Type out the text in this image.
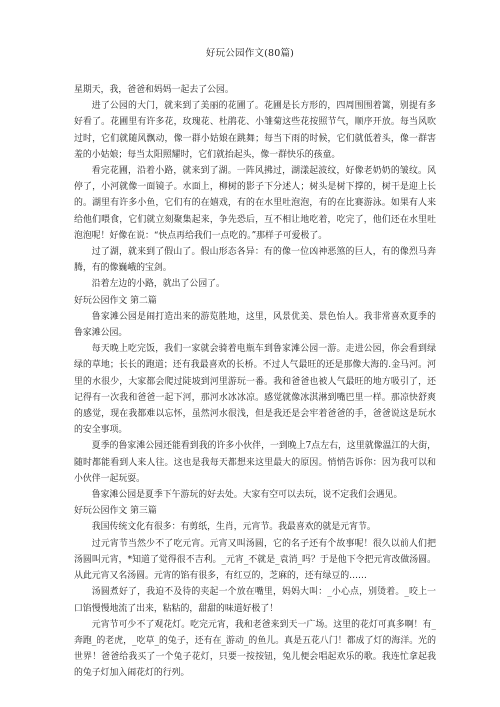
好玩公园作文(80篇)

星期天，我，爸爸和妈妈一起去了公园。

进了公园的大门，就来到了美丽的花圃了。花圃是长方形的，四周围围着篱，别提有多好看了。花圃里有许多花，玫瑰花、杜鹃花、小雏菊这些花按照节气，顺序开放。每当风吹过时，它们就随风飘动，像一群小姑娘在跳舞；每当下雨的时候，它们就低着头，像一群害羞的小姑娘；每当太阳照耀时，它们就抬起头，像一群快乐的孩童。

看完花圃，沿着小路，就来到了湖。一阵风拂过，湖漾起波纹，好像老奶奶的皱纹。风停了，小河就像一面镜子。水面上，柳树的影子下分述人；树头是树下撑的，树干是迎上长的。湖里有许多小鱼，它们有的在嬉戏，有的在水里吐泡泡，有的在比赛游泳。如果有人来给他们喂食，它们就立刻聚集起来，争先恐后，互不相让地吃着，吃完了，他们还在水里吐泡泡呢！好像在说：“快点再给我们一点吃的。”那样子可爱极了。

过了湖，就来到了假山了。假山形态各异：有的像一位凶神恶煞的巨人，有的像烈马奔腾，有的像巍峨的宝剑。

沿着左边的小路，就出了公园了。

好玩公园作文 第二篇

鲁家滩公园是闹打造出来的游览胜地，这里，风景优美、景色怡人。我非常喜欢夏季的鲁家滩公园。

每天晚上吃完饭，我们一家就会骑着电瓶车到鲁家滩公园一游。走进公园，你会看到绿绿的草地；长长的跑道；还有我最喜欢的长桥。不过人气最旺的还是那像大海的.金马河。河里的水很少，大家都会爬过陡坡到河里游玩一番。我和爸爸也被人气最旺的地方吸引了，还记得有一次我和爸爸一起下河，那河水冰冰凉。感觉就像冰淇淋到嘴巴里一样。那凉快舒爽的感觉，现在我都难以忘怀，虽然河水很浅，但是我还是会牢着爸爸的手，爸爸说这是玩水的安全事项。

夏季的鲁家滩公园还能看到我的许多小伙伴，一到晚上7点左右，这里就像温江的大街，随时都能看到人来人往。这也是我每天都想来这里最大的原因。悄悄告诉你：因为我可以和小伙伴一起玩耍。

鲁家滩公园是夏季下午游玩的好去处。大家有空可以去玩，说不定我们会遇见。

好玩公园作文 第三篇

我国传统文化有很多：有剪纸，生肖，元宵节。我最喜欢的就是元宵节。

过元宵节当然少不了吃元宵。元宵又叫汤圆，它的名子还有个故事呢！很久以前人们把汤圆叫元宵，*知道了觉得很不吉利。_元宵_不就是_袁消_吗？于是他下令把元宵改做汤圆。从此元宵又名汤圆。元宵的馅有很多，有红豆的，芝麻的，还有绿豆的……

汤圆煮好了，我迫不及待的夹起一个放在嘴里，妈妈大叫：_小心点，别烫着。_咬上一口馅慢慢地流了出来，粘粘的，甜甜的味道好极了！

元宵节可少不了观花灯。吃完元宵，我和老爸来到天一广场。这里的花灯可真多啊！有_奔跑_的老虎，_吃草_的兔子，还有在_游动_的鱼儿。真是五花八门！都成了灯的海洋。光的世界！爸爸给我买了一个兔子花灯，只要一按按钮，兔儿便会唱起欢乐的歌。我连忙拿起我的兔子灯加入闹花灯的行列。
